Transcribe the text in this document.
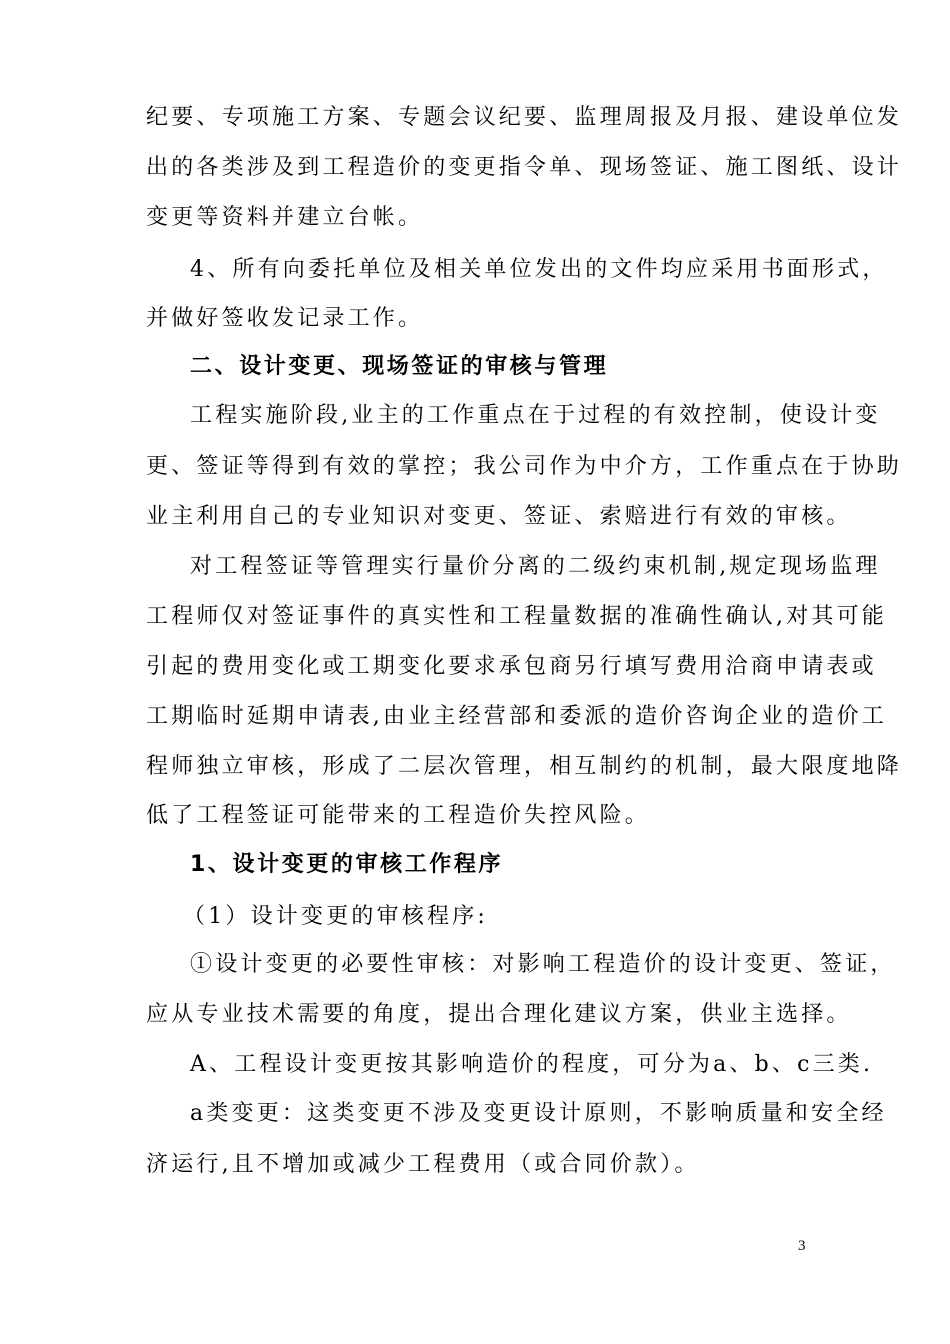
纪要、专项施工方案、专题会议纪要、监理周报及月报、建设单位发
出的各类涉及到工程造价的变更指令单、现场签证、施工图纸、设计
变更等资料并建立台帐。
4、所有向委托单位及相关单位发出的文件均应采用书面形式，
并做好签收发记录工作。
二、设计变更、现场签证的审核与管理
工程实施阶段,业主的工作重点在于过程的有效控制，使设计变
更、签证等得到有效的掌控；我公司作为中介方，工作重点在于协助
业主利用自己的专业知识对变更、签证、索赔进行有效的审核。
对工程签证等管理实行量价分离的二级约束机制,规定现场监理
工程师仅对签证事件的真实性和工程量数据的准确性确认,对其可能
引起的费用变化或工期变化要求承包商另行填写费用洽商申请表或
工期临时延期申请表,由业主经营部和委派的造价咨询企业的造价工
程师独立审核，形成了二层次管理，相互制约的机制，最大限度地降
低了工程签证可能带来的工程造价失控风险。
1、设计变更的审核工作程序
（1）设计变更的审核程序:
①设计变更的必要性审核：对影响工程造价的设计变更、签证，
应从专业技术需要的角度，提出合理化建议方案，供业主选择。
A、工程设计变更按其影响造价的程度，可分为a、b、c三类.
a类变更：这类变更不涉及变更设计原则，不影响质量和安全经
济运行,且不增加或减少工程费用（或合同价款）。
3
